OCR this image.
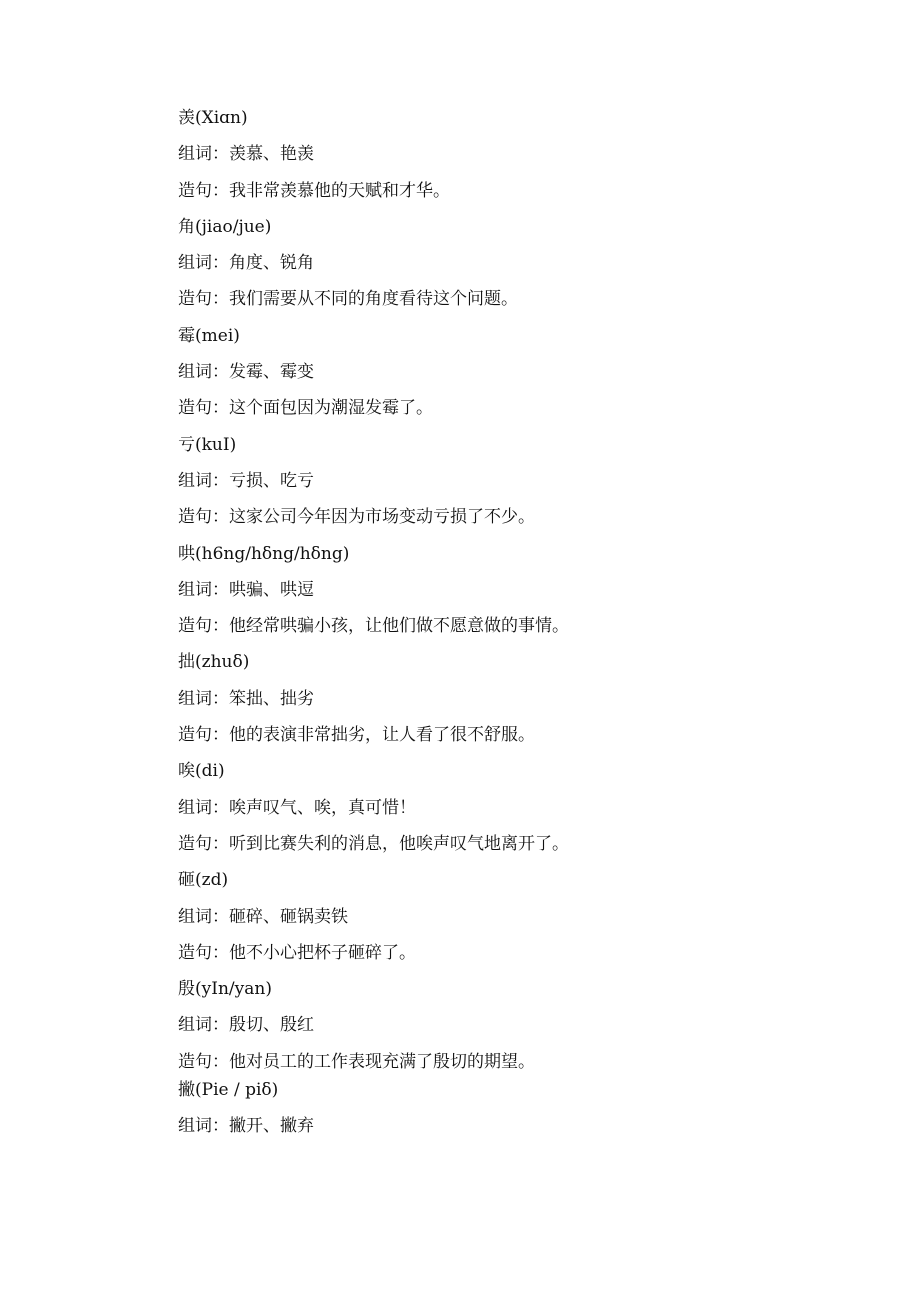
羡(Xiɑn)
组词：羡慕、艳羡
造句：我非常羡慕他的天赋和才华。
角(jiao/jue)
组词：角度、锐角
造句：我们需要从不同的角度看待这个问题。
霉(mei)
组词：发霉、霉变
造句：这个面包因为潮湿发霉了。
亏(kuI)
组词：亏损、吃亏
造句：这家公司今年因为市场变动亏损了不少。
哄(h6ng/hδng/hδng)
组词：哄骗、哄逗
造句：他经常哄骗小孩，让他们做不愿意做的事情。
拙(zhuδ)
组词：笨拙、拙劣
造句：他的表演非常拙劣，让人看了很不舒服。
唉(di)
组词：唉声叹气、唉，真可惜！
造句：听到比赛失利的消息，他唉声叹气地离开了。
砸(zd)
组词：砸碎、砸锅卖铁
造句：他不小心把杯子砸碎了。
殷(yIn/yan)
组词：殷切、殷红
造句：他对员工的工作表现充满了殷切的期望。
撇(Pie / piδ)
组词：撇开、撇弃
